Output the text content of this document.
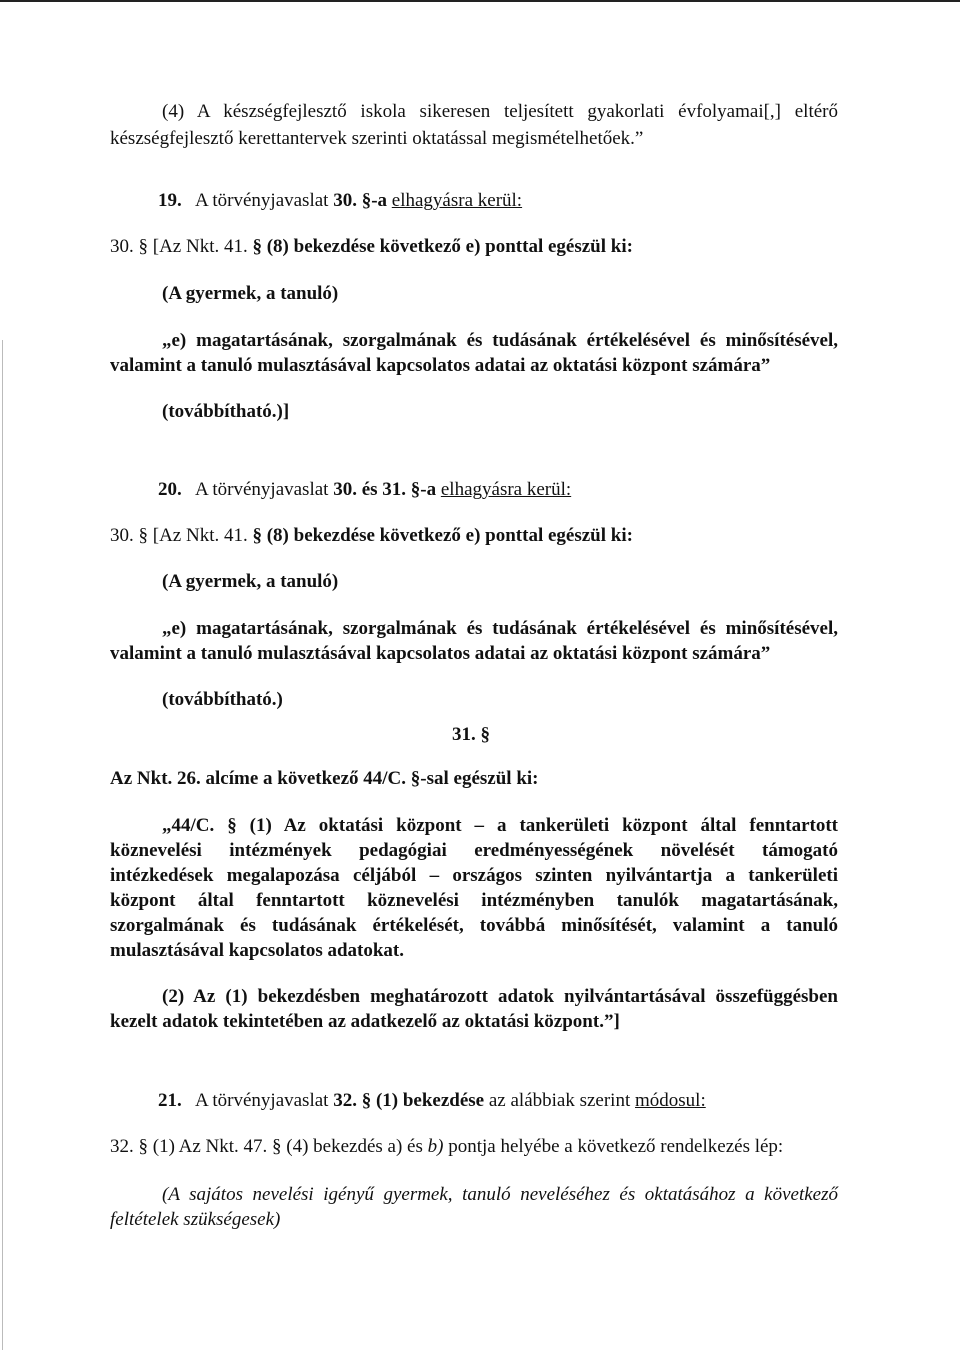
(4) A készségfejlesztő iskola sikeresen teljesített gyakorlati évfolyamai[,] eltérő
készségfejlesztő kerettantervek szerinti oktatással megismételhetőek.”
19. A törvényjavaslat 30. §-a elhagyásra kerül:
30. § [Az Nkt. 41. § (8) bekezdése következő e) ponttal egészül ki:
(A gyermek, a tanuló)
„e) magatartásának, szorgalmának és tudásának értékelésével és minősítésével,
valamint a tanuló mulasztásával kapcsolatos adatai az oktatási központ számára”
(továbbítható.)]
20. A törvényjavaslat 30. és 31. §-a elhagyásra kerül:
30. § [Az Nkt. 41. § (8) bekezdése következő e) ponttal egészül ki:
(A gyermek, a tanuló)
„e) magatartásának, szorgalmának és tudásának értékelésével és minősítésével,
valamint a tanuló mulasztásával kapcsolatos adatai az oktatási központ számára”
(továbbítható.)
31. §
Az Nkt. 26. alcíme a következő 44/C. §-sal egészül ki:
„44/C. § (1) Az oktatási központ – a tankerületi központ által fenntartott
köznevelési intézmények pedagógiai eredményességének növelését támogató
intézkedések megalapozása céljából – országos szinten nyilvántartja a tankerületi
központ által fenntartott köznevelési intézményben tanulók magatartásának,
szorgalmának és tudásának értékelését, továbbá minősítését, valamint a tanuló
mulasztásával kapcsolatos adatokat.
(2) Az (1) bekezdésben meghatározott adatok nyilvántartásával összefüggésben
kezelt adatok tekintetében az adatkezelő az oktatási központ.”]
21. A törvényjavaslat 32. § (1) bekezdése az alábbiak szerint módosul:
32. § (1) Az Nkt. 47. § (4) bekezdés a) és b) pontja helyébe a következő rendelkezés lép:
(A sajátos nevelési igényű gyermek, tanuló neveléséhez és oktatásához a következő
feltételek szükségesek)
